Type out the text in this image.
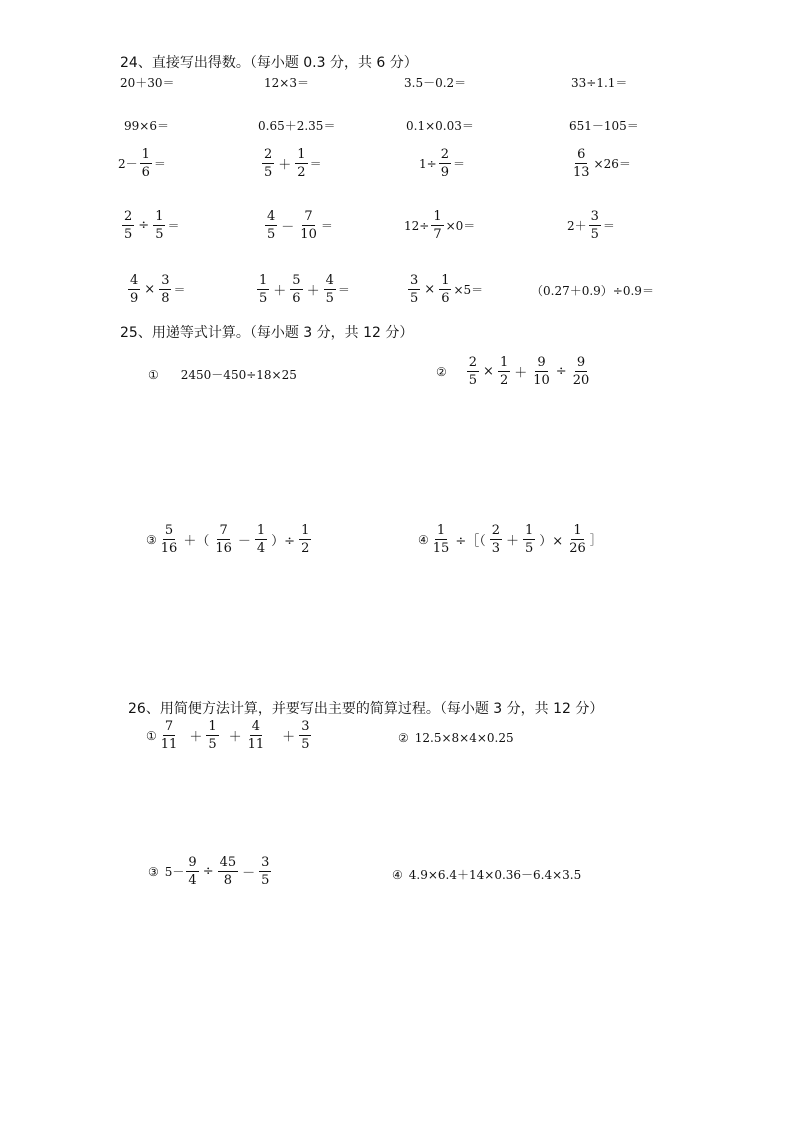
24、直接写出得数。（每小题 0.3 分，共 6 分）
20＋30＝	12×3＝	3.5－0.2＝	33÷1.1＝
99×6＝	0.65＋2.35＝	0.1×0.03＝	651－105＝
$2- \frac{1}{6}$ ＝	$\frac{2}{5} + \frac{1}{2}$ ＝	$1\div \frac{2}{9}$ ＝	$\frac{6}{13} \times 26=$
$\frac{2}{5} \div \frac{1}{5}$ ＝	$\frac{4}{5} - \frac{7}{10}$ ＝	$12\div \frac{1}{7} \times 0=$	$2+ \frac{3}{5}$ ＝
$\frac{4}{9} \times \frac{3}{8}$ ＝	$\frac{1}{5} + \frac{5}{6} + \frac{4}{5}$ ＝	$\frac{3}{5} \times \frac{1}{6} \times 5=$	（0.27＋0.9）÷0.9＝
25、用递等式计算。（每小题 3 分，共 12 分）
① 2450－450÷18×25	② $\frac{2}{5} \times \frac{1}{2} + \frac{9}{10} \div \frac{9}{20}$
③ $\frac{5}{16}$ ＋（ $\frac{7}{16} - \frac{1}{4}$ ）÷ $\frac{1}{2}$	④ $\frac{1}{15}$ ÷［（ $\frac{2}{3} + \frac{1}{5}$ ）× $\frac{1}{26}$ ］
26、用简便方法计算，并要写出主要的简算过程。（每小题 3 分，共 12 分）
① $\frac{7}{11} + \frac{1}{5} + \frac{4}{11} + \frac{3}{5}$	② 12.5×8×4×0.25
③ $5- \frac{9}{4} \div \frac{45}{8} - \frac{3}{5}$	④ 4.9×6.4＋14×0.36－6.4×3.5
